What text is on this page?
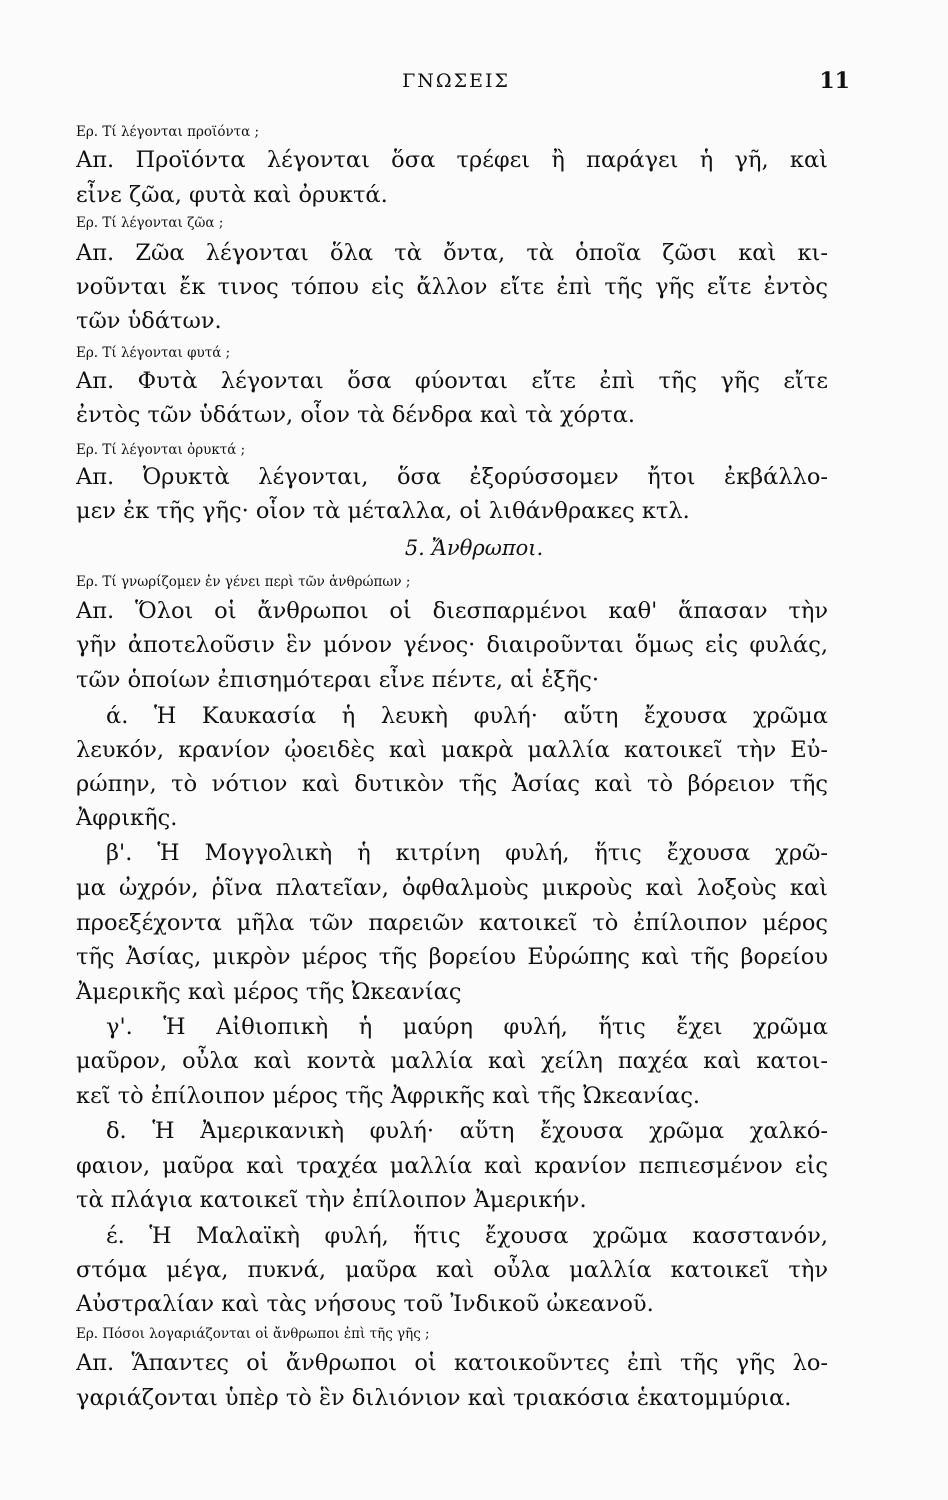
ΓΝΩΣΕΙΣ	11
Ερ. Τί λέγονται προϊόντα ;
Απ. Προϊόντα λέγονται ὅσα τρέφει ἢ παράγει ἡ γῆ, καὶ
εἶνε ζῶα, φυτὰ καὶ ὀρυκτά.
Ερ. Τί λέγονται ζῶα ;
Απ. Ζῶα λέγονται ὅλα τὰ ὄντα, τὰ ὁποῖα ζῶσι καὶ κι-
νοῦνται ἔκ τινος τόπου εἰς ἄλλον εἴτε ἐπὶ τῆς γῆς εἴτε ἐντὸς
τῶν ὑδάτων.
Ερ. Τί λέγονται φυτά ;
Απ. Φυτὰ λέγονται ὅσα φύονται εἴτε ἐπὶ τῆς γῆς εἴτε
ἐντὸς τῶν ὑδάτων, οἷον τὰ δένδρα καὶ τὰ χόρτα.
Ερ. Τί λέγονται ὀρυκτά ;
Απ. Ὀρυκτὰ λέγονται, ὅσα ἐξορύσσομεν ἤτοι ἐκβάλλο-
μεν ἐκ τῆς γῆς· οἷον τὰ μέταλλα, οἱ λιθάνθρακες κτλ.
5. Ἄνθρωποι.
Ερ. Τί γνωρίζομεν ἐν γένει περὶ τῶν ἀνθρώπων ;
Απ. Ὅλοι οἱ ἄνθρωποι οἱ διεσπαρμένοι καθ' ἅπασαν τὴν
γῆν ἀποτελοῦσιν ἓν μόνον γένος· διαιροῦνται ὅμως εἰς φυλάς,
τῶν ὁποίων ἐπισημότεραι εἶνε πέντε, αἱ ἑξῆς·
ά. Ἡ Καυκασία ἡ λευκὴ φυλή· αὕτη ἔχουσα χρῶμα
λευκόν, κρανίον ᾠοειδὲς καὶ μακρὰ μαλλία κατοικεῖ τὴν Εὐ-
ρώπην, τὸ νότιον καὶ δυτικὸν τῆς Ἀσίας καὶ τὸ βόρειον τῆς
Ἀφρικῆς.
β'. Ἡ Μογγολικὴ ἡ κιτρίνη φυλή, ἥτις ἔχουσα χρῶ-
μα ὠχρόν, ῥῖνα πλατεῖαν, ὀφθαλμοὺς μικροὺς καὶ λοξοὺς καὶ
προεξέχοντα μῆλα τῶν παρειῶν κατοικεῖ τὸ ἐπίλοιπον μέρος
τῆς Ἀσίας, μικρὸν μέρος τῆς βορείου Εὐρώπης καὶ τῆς βορείου
Ἀμερικῆς καὶ μέρος τῆς Ὠκεανίας
γ'. Ἡ Αἰθιοπικὴ ἡ μαύρη φυλή, ἥτις ἔχει χρῶμα
μαῦρον, οὖλα καὶ κοντὰ μαλλία καὶ χείλη παχέα καὶ κατοι-
κεῖ τὸ ἐπίλοιπον μέρος τῆς Ἀφρικῆς καὶ τῆς Ὠκεανίας.
δ. Ἡ Ἀμερικανικὴ φυλή· αὕτη ἔχουσα χρῶμα χαλκό-
φαιον, μαῦρα καὶ τραχέα μαλλία καὶ κρανίον πεπιεσμένον εἰς
τὰ πλάγια κατοικεῖ τὴν ἐπίλοιπον Ἀμερικήν.
έ. Ἡ Μαλαϊκὴ φυλή, ἥτις ἔχουσα χρῶμα κασστανόν,
στόμα μέγα, πυκνά, μαῦρα καὶ οὖλα μαλλία κατοικεῖ τὴν
Αὐστραλίαν καὶ τὰς νήσους τοῦ Ἰνδικοῦ ὠκεανοῦ.
Ερ. Πόσοι λογαριάζονται οἱ ἄνθρωποι ἐπὶ τῆς γῆς ;
Απ. Ἅπαντες οἱ ἄνθρωποι οἱ κατοικοῦντες ἐπὶ τῆς γῆς λο-
γαριάζονται ὑπὲρ τὸ ἓν διλιόνιον καὶ τριακόσια ἑκατομμύρια.
